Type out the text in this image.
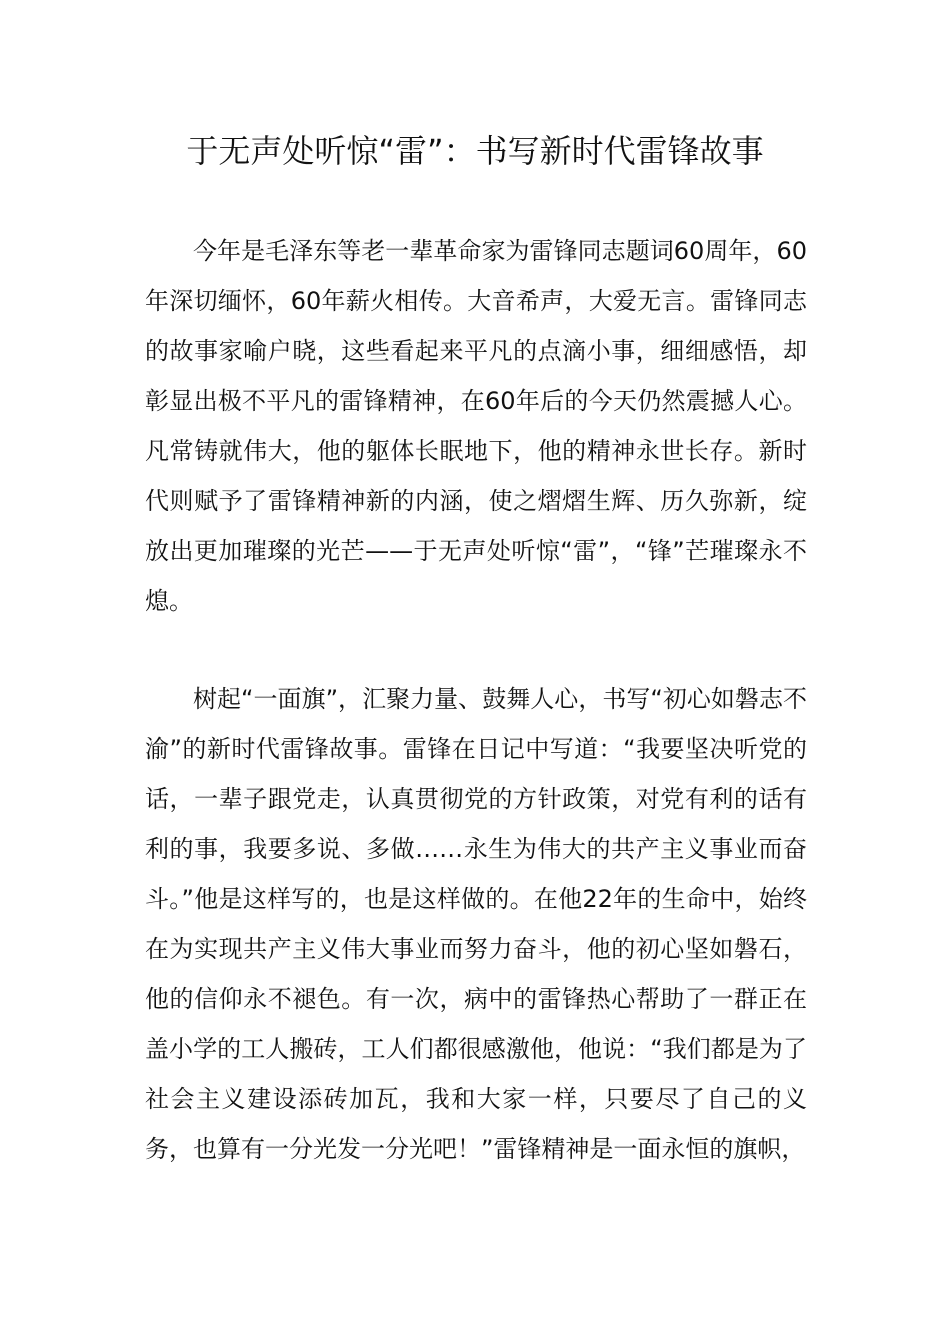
于无声处听惊“雷”：书写新时代雷锋故事

今年是毛泽东等老一辈革命家为雷锋同志题词60周年，60年深切缅怀，60年薪火相传。大音希声，大爱无言。雷锋同志的故事家喻户晓，这些看起来平凡的点滴小事，细细感悟，却彰显出极不平凡的雷锋精神，在60年后的今天仍然震撼人心。凡常铸就伟大，他的躯体长眠地下，他的精神永世长存。新时代则赋予了雷锋精神新的内涵，使之熠熠生辉、历久弥新，绽放出更加璀璨的光芒——于无声处听惊“雷”，“锋”芒璀璨永不熄。

树起“一面旗”，汇聚力量、鼓舞人心，书写“初心如磐志不渝”的新时代雷锋故事。雷锋在日记中写道：“我要坚决听党的话，一辈子跟党走，认真贯彻党的方针政策，对党有利的话有利的事，我要多说、多做……永生为伟大的共产主义事业而奋斗。”他是这样写的，也是这样做的。在他22年的生命中，始终在为实现共产主义伟大事业而努力奋斗，他的初心坚如磐石，他的信仰永不褪色。有一次，病中的雷锋热心帮助了一群正在盖小学的工人搬砖，工人们都很感激他，他说：“我们都是为了社会主义建设添砖加瓦，我和大家一样，只要尽了自己的义务，也算有一分光发一分光吧！”雷锋精神是一面永恒的旗帜，
